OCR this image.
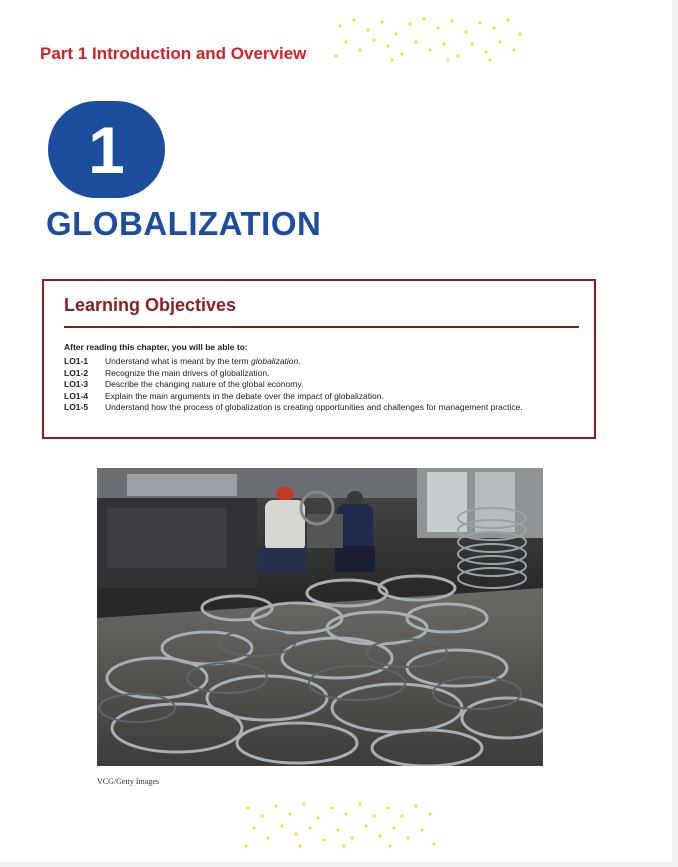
Part 1 Introduction and Overview
1
GLOBALIZATION
Learning Objectives
After reading this chapter, you will be able to:
LO1-1	Understand what is meant by the term globalization.
LO1-2	Recognize the main drivers of globalization.
LO1-3	Describe the changing nature of the global economy.
LO1-4	Explain the main arguments in the debate over the impact of globalization.
LO1-5	Understand how the process of globalization is creating opportunities and challenges for management practice.
VCG/Getty Images
